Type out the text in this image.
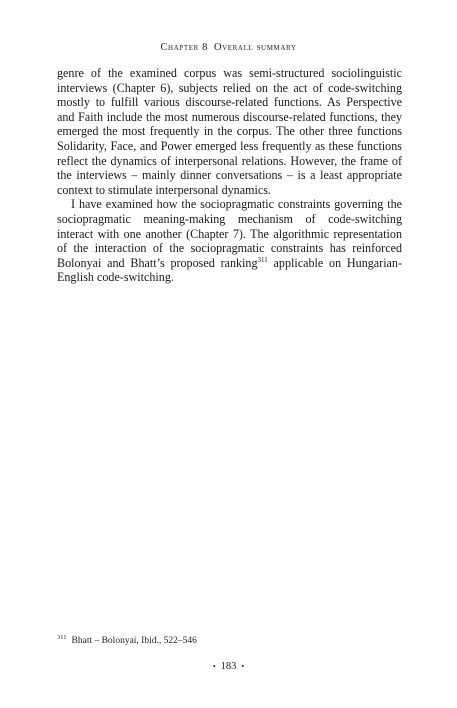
Chapter 8 Overall summary

genre of the examined corpus was semi-structured sociolinguistic interviews (Chapter 6), subjects relied on the act of code-switching mostly to fulfill various discourse-related functions. As Perspective and Faith include the most numerous discourse-related functions, they emerged the most frequently in the corpus. The other three functions Solidarity, Face, and Power emerged less frequently as these functions reflect the dynamics of interpersonal relations. However, the frame of the interviews – mainly dinner conversations – is a least appropriate context to stimulate interpersonal dynamics.

I have examined how the sociopragmatic constraints governing the sociopragmatic meaning-making mechanism of code-switching interact with one another (Chapter 7). The algorithmic representation of the interaction of the sociopragmatic constraints has reinforced Bolonyai and Bhatt’s proposed ranking$^{311}$ applicable on Hungarian-English code-switching.

$^{311}$ Bhatt – Bolonyai, Ibid., 522–546
• 183 •
